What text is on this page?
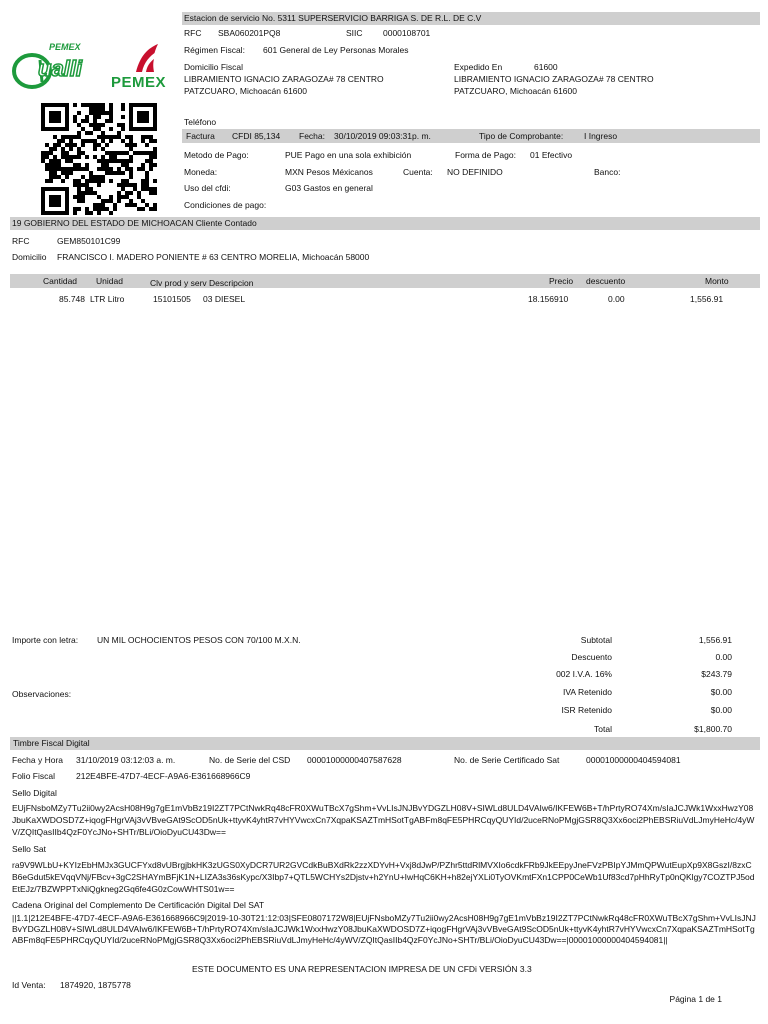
PEMEX
ualli
PEMEX
Estacion de servicio No. 5311 SUPERSERVICIO BARRIGA S. DE R.L. DE C.V
RFC SBA060201PQ8	SIIC 0000108701
Régimen Fiscal: 601 General de Ley Personas Morales
Domicilio Fiscal
LIBRAMIENTO IGNACIO ZARAGOZA# 78 CENTRO
PATZCUARO, Michoacán 61600
Expedido En	61600
LIBRAMIENTO IGNACIO ZARAGOZA# 78 CENTRO
PATZCUARO, Michoacán 61600
Teléfono
Factura CFDI 85,134 Fecha: 30/10/2019 09:03:31p. m.	Tipo de Comprobante: I Ingreso
Metodo de Pago:	PUE Pago en una sola exhibición	Forma de Pago: 01 Efectivo
Moneda:	MXN Pesos Méxicanos	Cuenta: NO DEFINIDO	Banco:
Uso del cfdi:	G03 Gastos en general
Condiciones de pago:
19 GOBIERNO DEL ESTADO DE MICHOACAN Cliente Contado
RFC	GEM850101C99
Domicilio FRANCISCO I. MADERO PONIENTE # 63 CENTRO MORELIA, Michoacán 58000
Cantidad Unidad	Clv prod y serv Descripcion	Precio descuento	Monto
85.748 LTR Litro	15101505 03 DIESEL	18.156910	0.00	1,556.91
Importe con letra: UN MIL OCHOCIENTOS PESOS CON 70/100 M.X.N.
Observaciones:
Subtotal	1,556.91
Descuento	0.00
002 I.V.A. 16%	$243.79
IVA Retenido	$0.00
ISR Retenido	$0.00
Total	$1,800.70
Timbre Fiscal Digital
Fecha y Hora 31/10/2019 03:12:03 a. m.	No. de Serie del CSD 00001000000407587628	No. de Serie Certificado Sat	00001000000404594081
Folio Fiscal 212E4BFE-47D7-4ECF-A9A6-E361668966C9
Sello Digital
EUjFNsboMZy7Tu2ii0wy2AcsH08H9g7gE1mVbBz19I2ZT7PCtNwkRq48cFR0XWuTBcX7gShm+VvLIsJNJBvYDGZLH08V+SIWLd8ULD4VAIw6/IKFEW6B+T/hPrtyRO74Xm/sIaJCJWk1WxxHwzY08JbuKaXWDOSD7Z+iqogFHgrVAj3vVBveGAt9ScOD5nUk+ttyvK4yhtR7vHYVwcxCn7XqpaKSAZTmHSotTgABFm8qFE5PHRCqyQUYId/2uceRNoPMgjGSR8Q3Xx6oci2PhEBSRiuVdLJmyHeHc/4yWV/ZQItQasIIb4QzF0YcJNo+SHTr/BLi/OioDyuCU43Dw==
Sello Sat
ra9V9WLbU+KYIzEbHMJx3GUCFYxd8vUBrgjbkHK3zUGS0XyDCR7UR2GVCdkBuBXdRk2zzXDYvH+Vxj8dJwP/PZhr5ttdRlMVXIo6cdkFRb9JkEEpyJneFVzPBIpYJMmQPWutEupXp9X8GszI/8zxCB6eGdut5kEVqqVNj/FBcv+3gC2SHAYmBFjK1N+LIZA3s36sKypc/X3Ibp7+QTL5WCHYs2Djstv+h2YnU+IwHqC6KH+h82ejYXLi0TyOVKmtFXn1CPP0CeWb1Uf83cd7pHhRyTp0nQKlgy7COZTPJ5odEtEJz/7BZWPPTxNiQgkneg2Gq6fe4G0zCowWHTS01w==
Cadena Original del Complemento De Certificación Digital Del SAT
||1.1|212E4BFE-47D7-4ECF-A9A6-E361668966C9|2019-10-30T21:12:03|SFE0807172W8|EUjFNsboMZy7Tu2ii0wy2AcsH08H9g7gE1mVbBz19I2ZT7PCtNwkRq48cFR0XWuTBcX7gShm+VvLIsJNJBvYDGZLH08V+SIWLd8ULD4VAIw6/IKFEW6B+T/hPrtyRO74Xm/sIaJCJWk1WxxHwzY08JbuKaXWDOSD7Z+iqogFHgrVAj3vVBveGAt9ScOD5nUk+ttyvK4yhtR7vHYVwcxCn7XqpaKSAZTmHSotTgABFm8qFE5PHRCqyQUYId/2uceRNoPMgjGSR8Q3Xx6oci2PhEBSRiuVdLJmyHeHc/4yWV/ZQItQasIIb4QzF0YcJNo+SHTr/BLi/OioDyuCU43Dw==|00001000000404594081||
ESTE DOCUMENTO ES UNA REPRESENTACION IMPRESA DE UN CFDi VERSIÓN 3.3
Id Venta: 1874920, 1875778
Página 1 de 1
